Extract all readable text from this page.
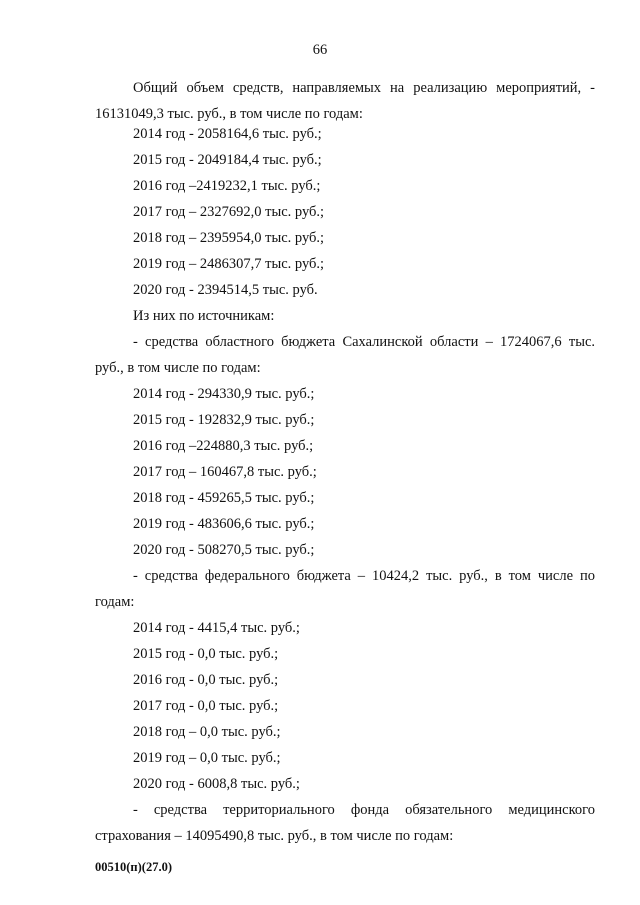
66

Общий объем средств, направляемых на реализацию мероприятий, - 16131049,3 тыс. руб., в том числе по годам:

2014 год - 2058164,6 тыс. руб.;
2015 год - 2049184,4 тыс. руб.;
2016 год –2419232,1 тыс. руб.;
2017 год – 2327692,0 тыс. руб.;
2018 год – 2395954,0 тыс. руб.;
2019 год – 2486307,7 тыс. руб.;
2020 год - 2394514,5 тыс. руб.
Из них по источникам:

- средства областного бюджета Сахалинской области – 1724067,6 тыс. руб., в том числе по годам:

2014 год - 294330,9 тыс. руб.;
2015 год - 192832,9 тыс. руб.;
2016 год –224880,3 тыс. руб.;
2017 год – 160467,8 тыс. руб.;
2018 год - 459265,5 тыс. руб.;
2019 год - 483606,6 тыс. руб.;
2020 год - 508270,5 тыс. руб.;

- средства федерального бюджета – 10424,2 тыс. руб., в том числе по годам:

2014 год - 4415,4 тыс. руб.;
2015 год - 0,0 тыс. руб.;
2016 год - 0,0 тыс. руб.;
2017 год - 0,0 тыс. руб.;
2018 год – 0,0 тыс. руб.;
2019 год – 0,0 тыс. руб.;
2020 год - 6008,8 тыс. руб.;

- средства территориального фонда обязательного медицинского страхования – 14095490,8 тыс. руб., в том числе по годам:

00510(п)(27.0)
